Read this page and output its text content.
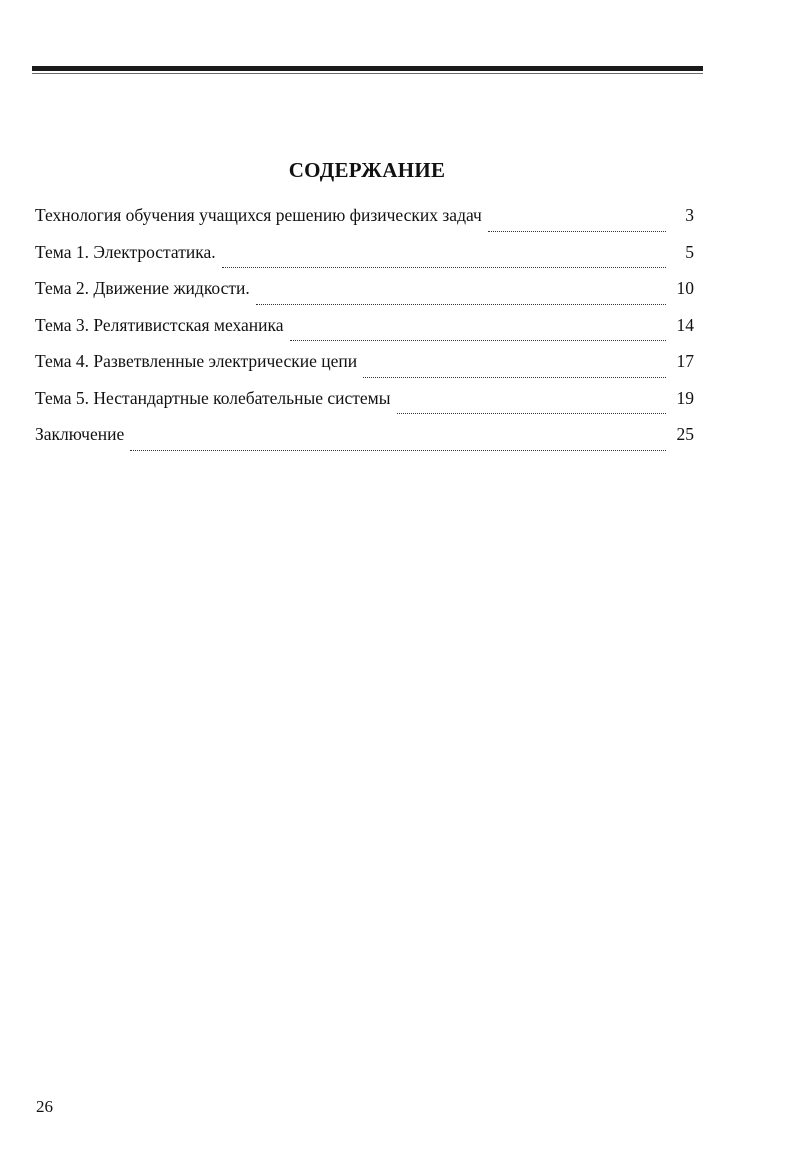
СОДЕРЖАНИЕ
Технология обучения учащихся решению физических задач	3
Тема 1. Электростатика.	5
Тема 2. Движение жидкости.	10
Тема 3. Релятивистская механика	14
Тема 4. Разветвленные электрические цепи	17
Тема 5. Нестандартные колебательные системы	19
Заключение	25
26
